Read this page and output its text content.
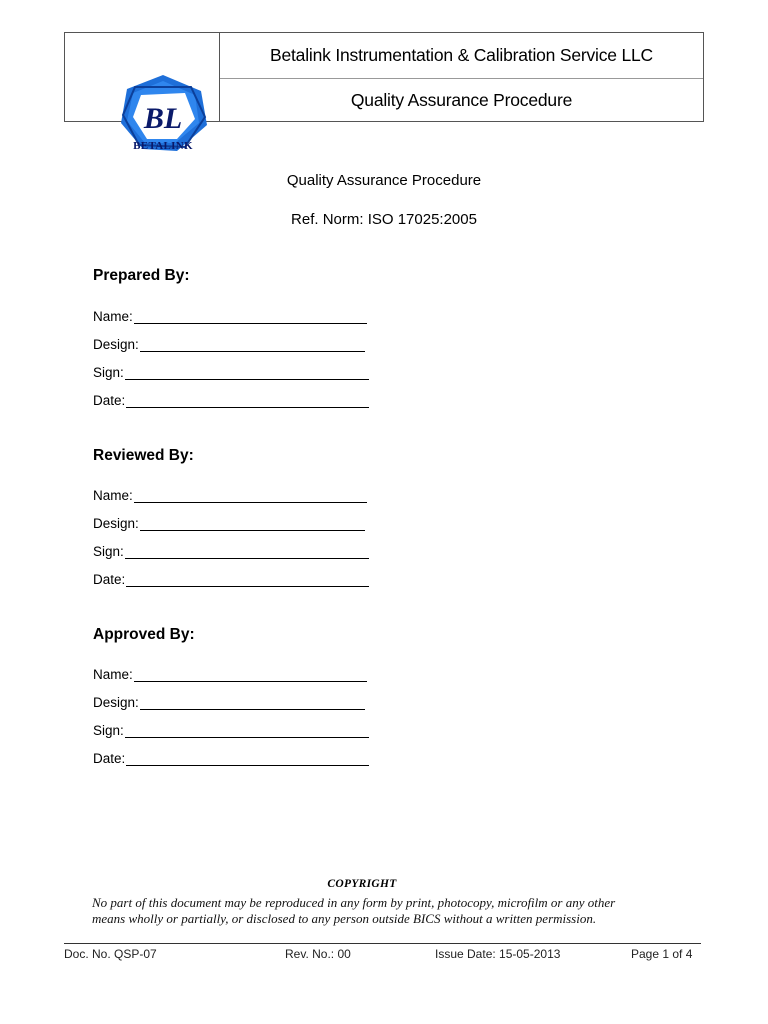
Betalink Instrumentation & Calibration Service LLC
Quality Assurance Procedure
BL
BETALINK
Quality Assurance Procedure
Ref. Norm: ISO 17025:2005
Prepared By:
Name:
Design:
Sign:
Date:
Reviewed By:
Name:
Design:
Sign:
Date:
Approved By:
Name:
Design:
Sign:
Date:
COPYRIGHT
No part of this document may be reproduced in any form by print, photocopy, microfilm or any other
means wholly or partially, or disclosed to any person outside BICS without a written permission.
Doc. No. QSP-07	Rev. No.: 00	Issue Date: 15-05-2013	Page 1 of 4
